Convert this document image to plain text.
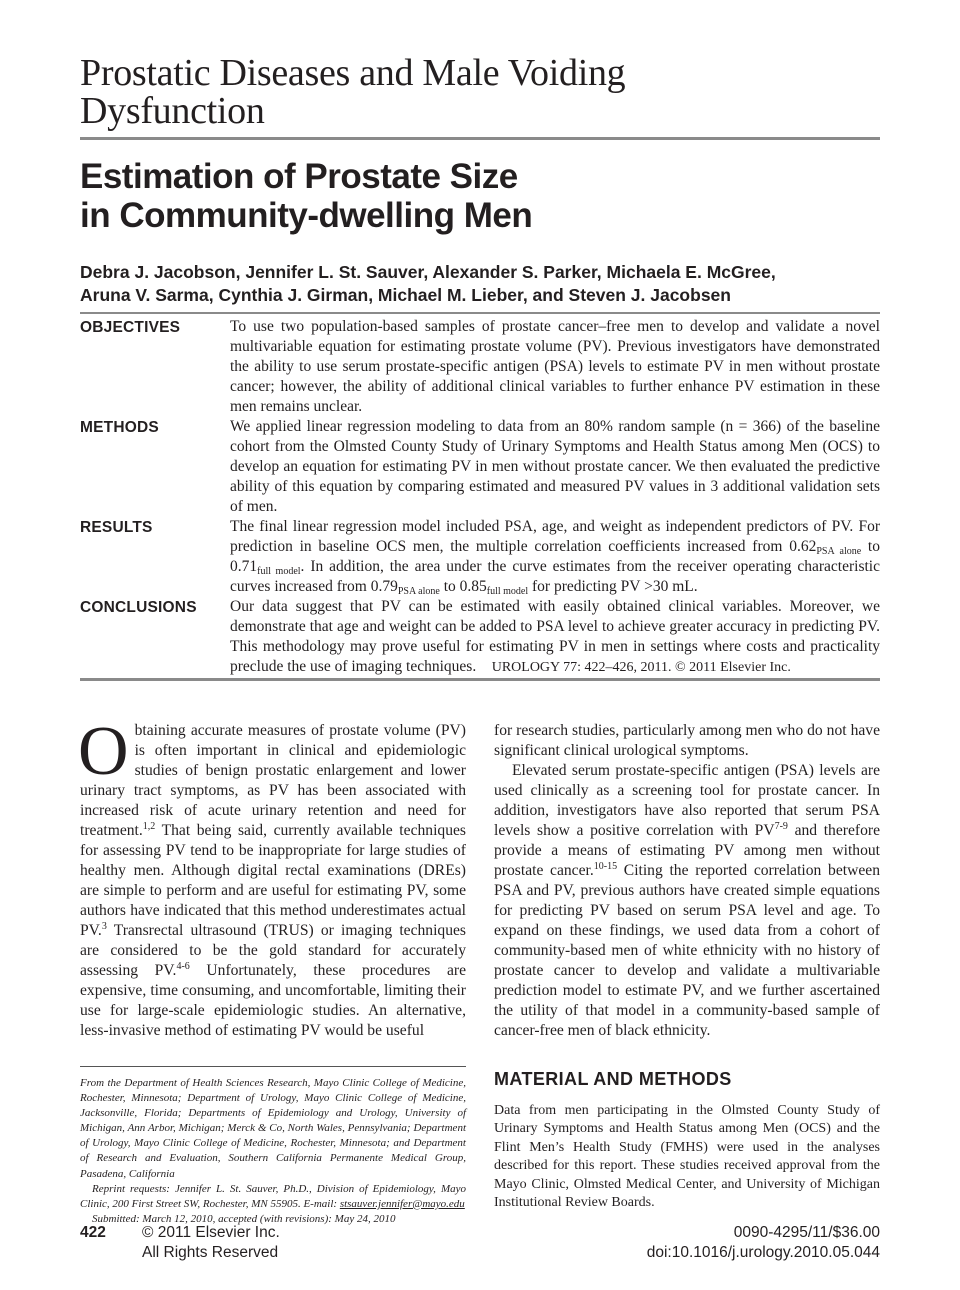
Prostatic Diseases and Male Voiding
Dysfunction
Estimation of Prostate Size
in Community-dwelling Men
Debra J. Jacobson, Jennifer L. St. Sauver, Alexander S. Parker, Michaela E. McGree,
Aruna V. Sarma, Cynthia J. Girman, Michael M. Lieber, and Steven J. Jacobsen
OBJECTIVES	To use two population-based samples of prostate cancer–free men to develop and validate a novel multivariable equation for estimating prostate volume (PV). Previous investigators have demonstrated the ability to use serum prostate-specific antigen (PSA) levels to estimate PV in men without prostate cancer; however, the ability of additional clinical variables to further enhance PV estimation in these men remains unclear.
METHODS	We applied linear regression modeling to data from an 80% random sample (n = 366) of the baseline cohort from the Olmsted County Study of Urinary Symptoms and Health Status among Men (OCS) to develop an equation for estimating PV in men without prostate cancer. We then evaluated the predictive ability of this equation by comparing estimated and measured PV values in 3 additional validation sets of men.
RESULTS	The final linear regression model included PSA, age, and weight as independent predictors of PV. For prediction in baseline OCS men, the multiple correlation coefficients increased from $0.62_{PSA alone}$ to $0.71_{full model}$. In addition, the area under the curve estimates from the receiver operating characteristic curves increased from $0.79_{PSA alone}$ to $0.85_{full model}$ for predicting PV >30 mL.
CONCLUSIONS Our data suggest that PV can be estimated with easily obtained clinical variables. Moreover, we demonstrate that age and weight can be added to PSA level to achieve greater accuracy in predicting PV. This methodology may prove useful for estimating PV in men in settings where costs and practicality preclude the use of imaging techniques. UROLOGY 77: 422–426, 2011. © 2011 Elsevier Inc.

Obtaining accurate measures of prostate volume (PV) is often important in clinical and epidemiologic studies of benign prostatic enlargement and lower urinary tract symptoms, as PV has been associated with increased risk of acute urinary retention and need for treatment.$^{1,2}$ That being said, currently available techniques for assessing PV tend to be inappropriate for large studies of healthy men. Although digital rectal examinations (DREs) are simple to perform and are useful for estimating PV, some authors have indicated that this method underestimates actual PV.$^3$ Transrectal ultrasound (TRUS) or imaging techniques are considered to be the gold standard for accurately assessing PV.$^{4-6}$ Unfortunately, these procedures are expensive, time consuming, and uncomfortable, limiting their use for large-scale epidemiologic studies. An alternative, less-invasive method of estimating PV would be useful

for research studies, particularly among men who do not have significant clinical urological symptoms.

Elevated serum prostate-specific antigen (PSA) levels are used clinically as a screening tool for prostate cancer. In addition, investigators have also reported that serum PSA levels show a positive correlation with PV$^{7-9}$ and therefore provide a means of estimating PV among men without prostate cancer.$^{10-15}$ Citing the reported correlation between PSA and PV, previous authors have created simple equations for predicting PV based on serum PSA level and age. To expand on these findings, we used data from a cohort of community-based men of white ethnicity with no history of prostate cancer to develop and validate a multivariable prediction model to estimate PV, and we further ascertained the utility of that model in a community-based sample of cancer-free men of black ethnicity.

From the Department of Health Sciences Research, Mayo Clinic College of Medicine, Rochester, Minnesota; Department of Urology, Mayo Clinic College of Medicine, Jacksonville, Florida; Departments of Epidemiology and Urology, University of Michigan, Ann Arbor, Michigan; Merck & Co, North Wales, Pennsylvania; Department of Urology, Mayo Clinic College of Medicine, Rochester, Minnesota; and Department of Research and Evaluation, Southern California Permanente Medical Group, Pasadena, California

Reprint requests: Jennifer L. St. Sauver, Ph.D., Division of Epidemiology, Mayo Clinic, 200 First Street SW, Rochester, MN 55905. E-mail: stsauver.jennifer@mayo.edu

Submitted: March 12, 2010, accepted (with revisions): May 24, 2010

MATERIAL AND METHODS
Data from men participating in the Olmsted County Study of Urinary Symptoms and Health Status among Men (OCS) and the Flint Men’s Health Study (FMHS) were used in the analyses described for this report. These studies received approval from the Mayo Clinic, Olmsted Medical Center, and University of Michigan Institutional Review Boards.
422 © 2011 Elsevier Inc.
All Rights Reserved
0090-4295/11/$36.00
doi:10.1016/j.urology.2010.05.044
